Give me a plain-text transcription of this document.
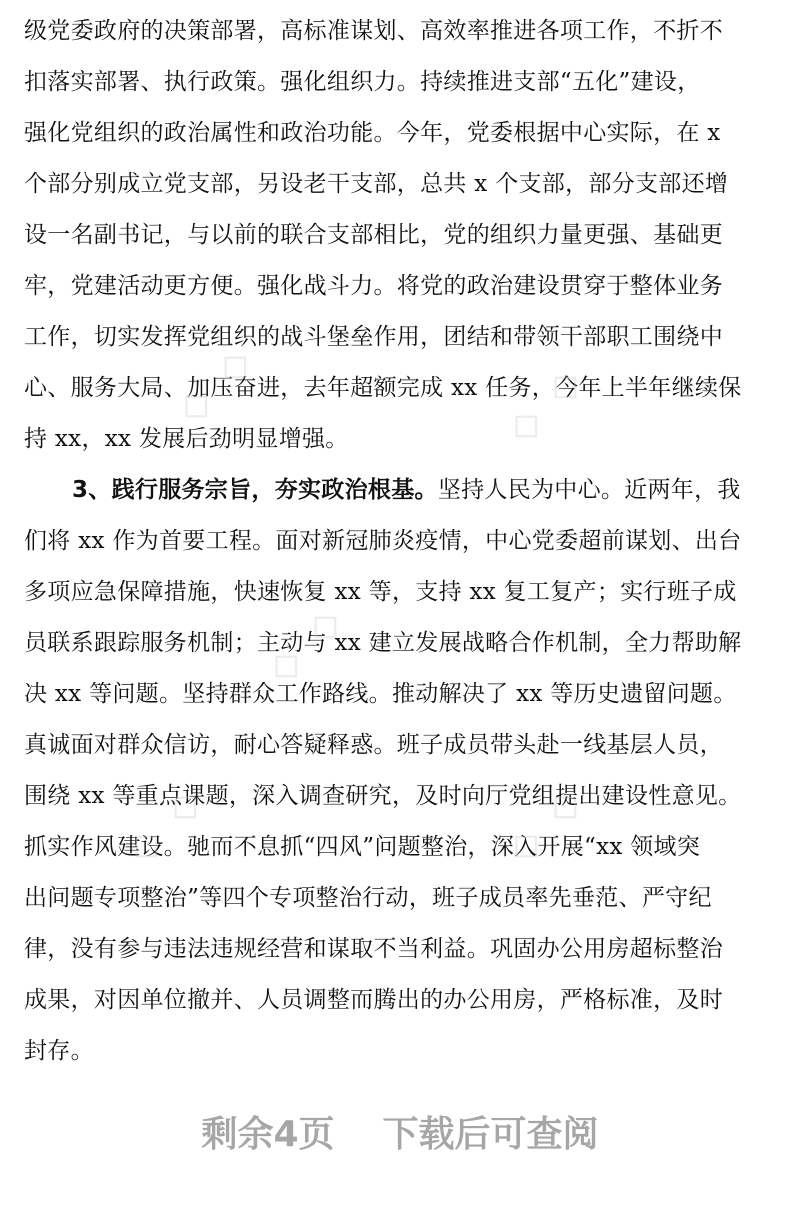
级党委政府的决策部署，高标准谋划、高效率推进各项工作，不折不
扣落实部署、执行政策。强化组织力。持续推进支部“五化”建设，
强化党组织的政治属性和政治功能。今年，党委根据中心实际，在 x
个部分别成立党支部，另设老干支部，总共 x 个支部，部分支部还增
设一名副书记，与以前的联合支部相比，党的组织力量更强、基础更
牢，党建活动更方便。强化战斗力。将党的政治建设贯穿于整体业务
工作，切实发挥党组织的战斗堡垒作用，团结和带领干部职工围绕中
心、服务大局、加压奋进，去年超额完成 xx 任务，今年上半年继续保
持 xx，xx 发展后劲明显增强。
3、践行服务宗旨，夯实政治根基。坚持人民为中心。近两年，我
们将 xx 作为首要工程。面对新冠肺炎疫情，中心党委超前谋划、出台
多项应急保障措施，快速恢复 xx 等，支持 xx 复工复产；实行班子成
员联系跟踪服务机制；主动与 xx 建立发展战略合作机制，全力帮助解
决 xx 等问题。坚持群众工作路线。推动解决了 xx 等历史遗留问题。
真诚面对群众信访，耐心答疑释惑。班子成员带头赴一线基层人员，
围绕 xx 等重点课题，深入调查研究，及时向厅党组提出建设性意见。
抓实作风建设。驰而不息抓“四风”问题整治，深入开展“xx 领域突
出问题专项整治”等四个专项整治行动，班子成员率先垂范、严守纪
律，没有参与违法违规经营和谋取不当利益。巩固办公用房超标整治
成果，对因单位撤并、人员调整而腾出的办公用房，严格标准，及时
封存。
◇ ◇	◇ ◇
◇ ◇
◇ ◇	◇ ◇
剩余4页 下载后可查阅
